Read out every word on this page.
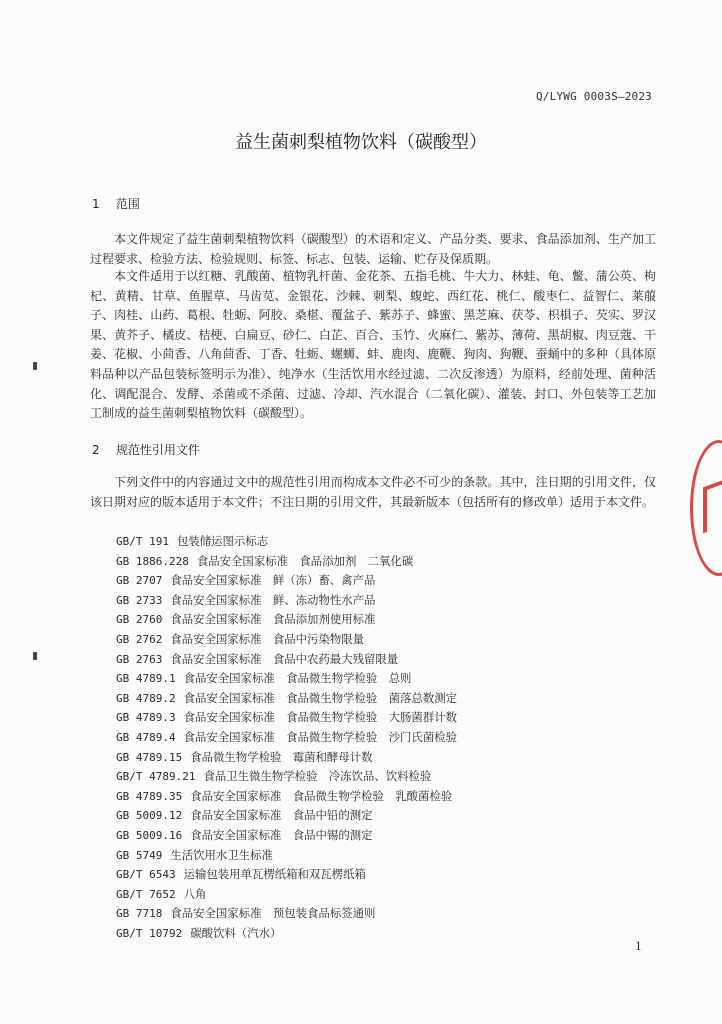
Q/LYWG 0003S—2023
益生菌刺梨植物饮料（碳酸型）
1 范围

本文件规定了益生菌刺梨植物饮料（碳酸型）的术语和定义、产品分类、要求、食品添加剂、生产加工过程要求、检验方法、检验规则、标签、标志、包装、运输、贮存及保质期。

本文件适用于以红糖、乳酸菌、植物乳杆菌、金花茶、五指毛桃、牛大力、林蛙、龟、鳖、蒲公英、枸杞、黄精、甘草、鱼腥草、马齿苋、金银花、沙棘、刺梨、蝮蛇、西红花、桃仁、酸枣仁、益智仁、莱菔子、肉桂、山药、葛根、牡蛎、阿胶、桑椹、覆盆子、紫苏子、蜂蜜、黑芝麻、茯苓、枳椇子、芡实、罗汉果、黄芥子、橘皮、桔梗、白扁豆、砂仁、白芷、百合、玉竹、火麻仁、紫苏、薄荷、黑胡椒、肉豆蔻、干姜、花椒、小茴香、八角茴香、丁香、牡蛎、螺蛳、蚌、鹿肉、鹿鞭、狗肉、狗鞭、蚕蛹中的多种（具体原料品种以产品包装标签明示为准）、纯净水（生活饮用水经过滤、二次反渗透）为原料，经前处理、菌种活化、调配混合、发酵、杀菌或不杀菌、过滤、冷却、汽水混合（二氧化碳）、灌装、封口、外包装等工艺加工制成的益生菌刺梨植物饮料（碳酸型）。

2 规范性引用文件

下列文件中的内容通过文中的规范性引用而构成本文件必不可少的条款。其中，注日期的引用文件，仅该日期对应的版本适用于本文件；不注日期的引用文件，其最新版本（包括所有的修改单）适用于本文件。

GB/T 191 包装储运图示标志
GB 1886.228 食品安全国家标准　食品添加剂　二氧化碳
GB 2707 食品安全国家标准　鲜（冻）畜、禽产品
GB 2733 食品安全国家标准　鲜、冻动物性水产品
GB 2760 食品安全国家标准　食品添加剂使用标准
GB 2762 食品安全国家标准　食品中污染物限量
GB 2763 食品安全国家标准　食品中农药最大残留限量
GB 4789.1 食品安全国家标准　食品微生物学检验　总则
GB 4789.2 食品安全国家标准　食品微生物学检验　菌落总数测定
GB 4789.3 食品安全国家标准　食品微生物学检验　大肠菌群计数
GB 4789.4 食品安全国家标准　食品微生物学检验　沙门氏菌检验
GB 4789.15 食品微生物学检验　霉菌和酵母计数
GB/T 4789.21 食品卫生微生物学检验　冷冻饮品、饮料检验
GB 4789.35 食品安全国家标准　食品微生物学检验　乳酸菌检验
GB 5009.12 食品安全国家标准　食品中铅的测定
GB 5009.16 食品安全国家标准　食品中锡的测定
GB 5749 生活饮用水卫生标准
GB/T 6543 运输包装用单瓦楞纸箱和双瓦楞纸箱
GB/T 7652 八角
GB 7718 食品安全国家标准　预包装食品标签通则
GB/T 10792 碳酸饮料（汽水）
1
